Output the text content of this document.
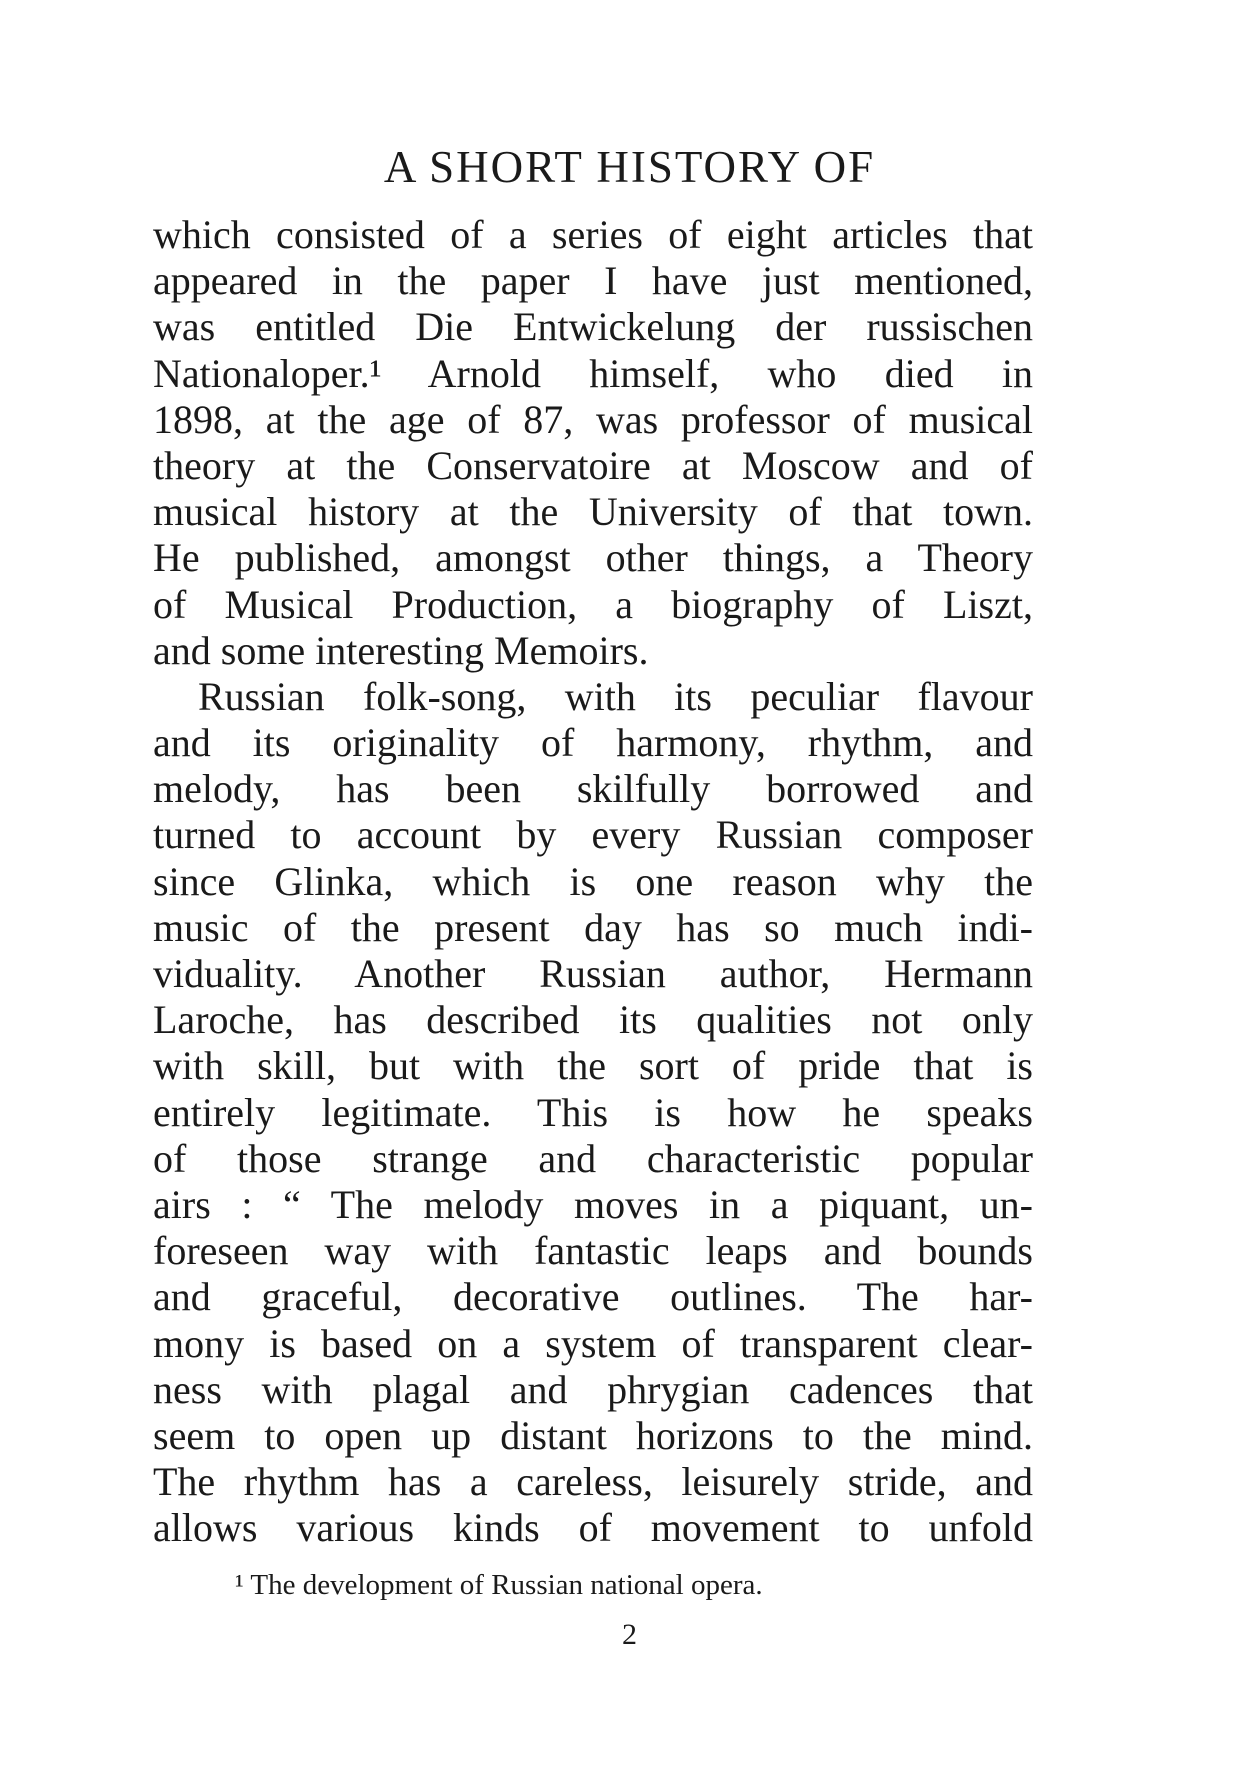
A SHORT HISTORY OF
which consisted of a series of eight articles that
appeared in the paper I have just mentioned,
was entitled Die Entwickelung der russischen
Nationaloper.¹ Arnold himself, who died in
1898, at the age of 87, was professor of musical
theory at the Conservatoire at Moscow and of
musical history at the University of that town.
He published, amongst other things, a Theory
of Musical Production, a biography of Liszt,
and some interesting Memoirs.
Russian folk-song, with its peculiar flavour
and its originality of harmony, rhythm, and
melody, has been skilfully borrowed and
turned to account by every Russian composer
since Glinka, which is one reason why the
music of the present day has so much indi-
viduality. Another Russian author, Hermann
Laroche, has described its qualities not only
with skill, but with the sort of pride that is
entirely legitimate. This is how he speaks
of those strange and characteristic popular
airs : “ The melody moves in a piquant, un-
foreseen way with fantastic leaps and bounds
and graceful, decorative outlines. The har-
mony is based on a system of transparent clear-
ness with plagal and phrygian cadences that
seem to open up distant horizons to the mind.
The rhythm has a careless, leisurely stride, and
allows various kinds of movement to unfold
¹ The development of Russian national opera.
2
